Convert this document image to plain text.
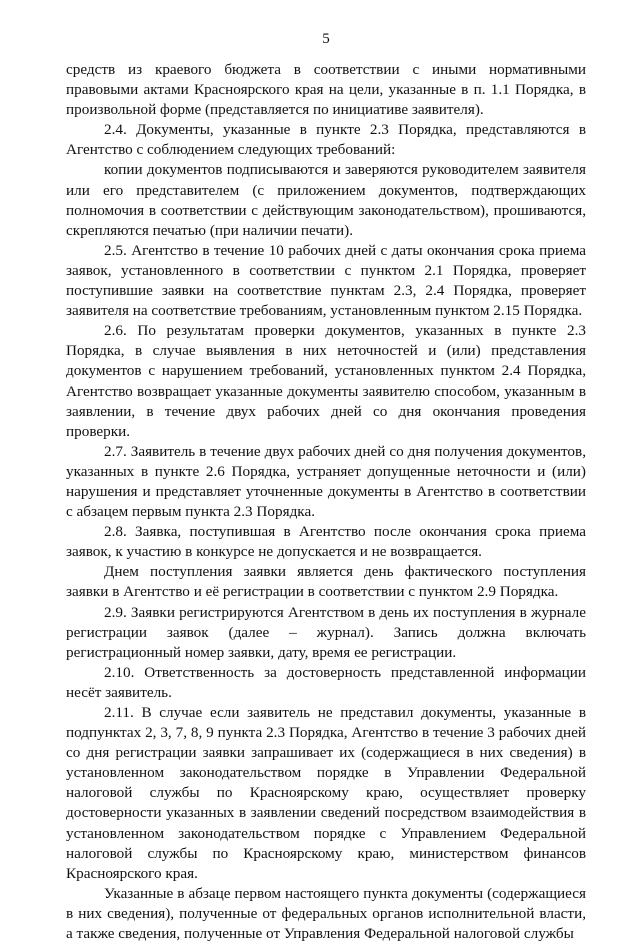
5

средств из краевого бюджета в соответствии с иными нормативными правовыми актами Красноярского края на цели, указанные в п. 1.1 Порядка, в произвольной форме (представляется по инициативе заявителя).

2.4. Документы, указанные в пункте 2.3 Порядка, представляются в Агентство с соблюдением следующих требований:

копии документов подписываются и заверяются руководителем заявителя или его представителем (с приложением документов, подтверждающих полномочия в соответствии с действующим законодательством), прошиваются, скрепляются печатью (при наличии печати).

2.5. Агентство в течение 10 рабочих дней с даты окончания срока приема заявок, установленного в соответствии с пунктом 2.1 Порядка, проверяет поступившие заявки на соответствие пунктам 2.3, 2.4 Порядка, проверяет заявителя на соответствие требованиям, установленным пунктом 2.15 Порядка.

2.6. По результатам проверки документов, указанных в пункте 2.3 Порядка, в случае выявления в них неточностей и (или) представления документов с нарушением требований, установленных пунктом 2.4 Порядка, Агентство возвращает указанные документы заявителю способом, указанным в заявлении, в течение двух рабочих дней со дня окончания проведения проверки.

2.7. Заявитель в течение двух рабочих дней со дня получения документов, указанных в пункте 2.6 Порядка, устраняет допущенные неточности и (или) нарушения и представляет уточненные документы в Агентство в соответствии с абзацем первым пункта 2.3 Порядка.

2.8. Заявка, поступившая в Агентство после окончания срока приема заявок, к участию в конкурсе не допускается и не возвращается.

Днем поступления заявки является день фактического поступления заявки в Агентство и её регистрации в соответствии с пунктом 2.9 Порядка.

2.9. Заявки регистрируются Агентством в день их поступления в журнале регистрации заявок (далее – журнал). Запись должна включать регистрационный номер заявки, дату, время ее регистрации.

2.10. Ответственность за достоверность представленной информации несёт заявитель.

2.11. В случае если заявитель не представил документы, указанные в подпунктах 2, 3, 7, 8, 9 пункта 2.3 Порядка, Агентство в течение 3 рабочих дней со дня регистрации заявки запрашивает их (содержащиеся в них сведения) в установленном законодательством порядке в Управлении Федеральной налоговой службы по Красноярскому краю, осуществляет проверку достоверности указанных в заявлении сведений посредством взаимодействия в установленном законодательством порядке с Управлением Федеральной налоговой службы по Красноярскому краю, министерством финансов Красноярского края.

Указанные в абзаце первом настоящего пункта документы (содержащиеся в них сведения), полученные от федеральных органов исполнительной власти, а также сведения, полученные от Управления Федеральной налоговой службы
